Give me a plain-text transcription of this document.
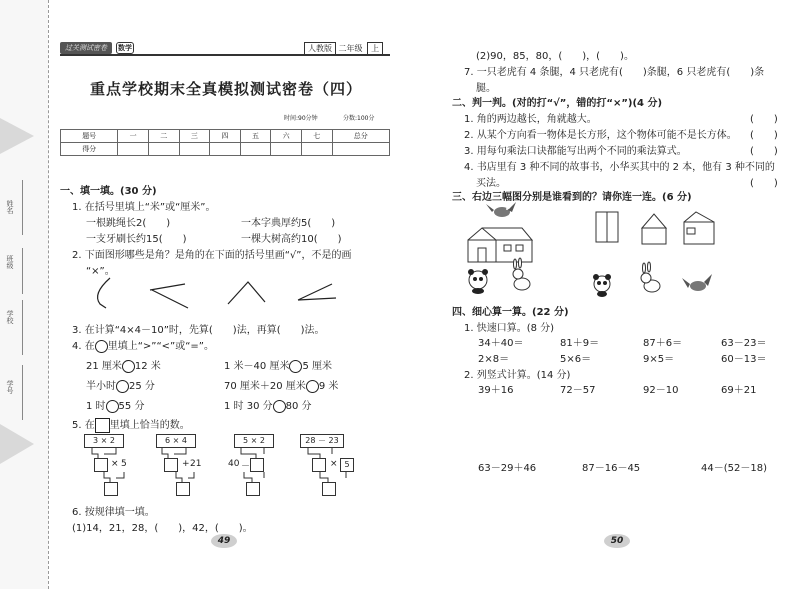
姓名
班级
学校
学号
过关测试密卷	数学	人教版 二年级 上
重点学校期末全真模拟测试密卷（四）
时间:90分钟	分数:100分
题号	一	二	三	四	五	六	七	总分
得分								
一、填一填。(30 分)
1. 在括号里填上“米”或“厘米”。
一根跳绳长2(　　)	一本字典厚约5(　　)
一支牙刷长约15(　　)	一棵大树高约10(　　)
2. 下面图形哪些是角？是角的在下面的括号里画“√”，不是的画
“×”。
3. 在计算“4×4－10”时，先算(　　)法，再算(　　)法。
4. 在 里填上“>”“<”或“=”。
21 厘米 12 米	1 米－40 厘米 5 厘米
半小时 25 分	70 厘米＋20 厘米 9 米
1 时 55 分	1 时 30 分 80 分
5. 在 里填上恰当的数。
3 × 2
× 5
6 × 4
+ 21
5 × 2
40 －
28 － 23
× 5
6. 按规律填一填。
(1)14，21，28，(　　)，42，(　　)。
49
(2)90，85，80，(　　)，(　　)。
7. 一只老虎有 4 条腿，4 只老虎有(　　)条腿，6 只老虎有(　　)条
腿。
二、判一判。(对的打“√”，错的打“×”)(4 分)
1. 角的两边越长，角就越大。
2. 从某个方向看一物体是长方形，这个物体可能不是长方体。
3. 用每句乘法口诀都能写出两个不同的乘法算式。
4. 书店里有 3 种不同的故事书，小华买其中的 2 本，他有 3 种不同的
买法。
(　　)
(　　)
(　　)
(　　)
三、右边三幅图分别是谁看到的？请你连一连。(6 分)
四、细心算一算。(22 分)
1. 快速口算。(8 分)
34＋40＝	81＋9＝	87＋6＝	63－23＝
2×8＝	5×6＝	9×5＝	60－13＝
2. 列竖式计算。(14 分)
39＋16	72－57	92－10	69＋21
63－29＋46	87－16－45	44－(52－18)
50
